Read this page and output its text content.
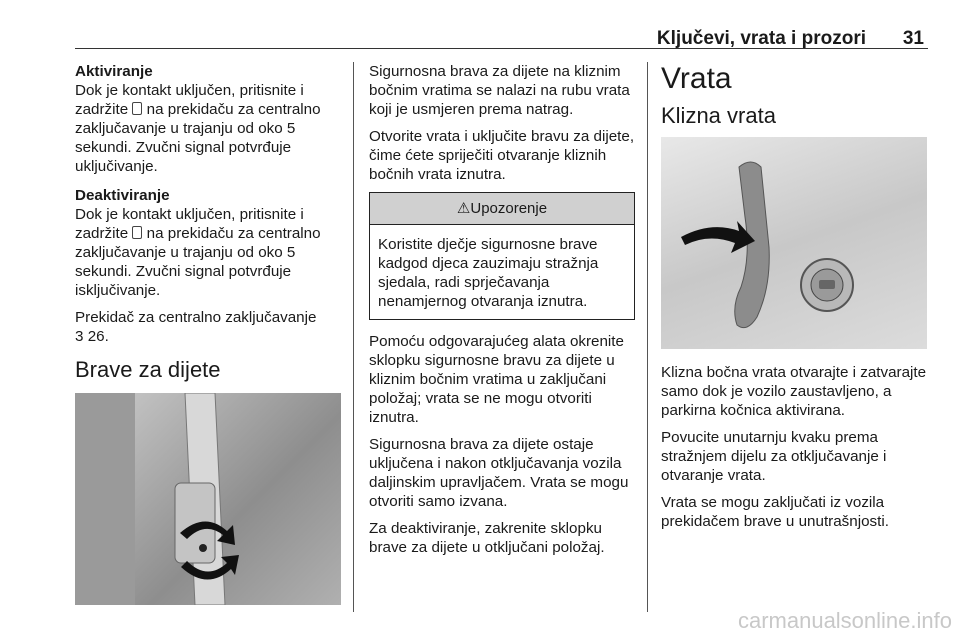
Ključevi, vrata i prozori 31

Aktiviranje

Dok je kontakt uključen, pritisnite i zadržite na prekidaču za centralno zaključavanje u trajanju od oko 5 sekundi. Zvučni signal potvrđuje uključivanje.

Deaktiviranje

Dok je kontakt uključen, pritisnite i zadržite na prekidaču za centralno zaključavanje u trajanju od oko 5 sekundi. Zvučni signal potvrđuje isključivanje.

Prekidač za centralno zaključavanje
3 26.

Brave za dijete

Sigurnosna brava za dijete na kliznim bočnim vratima se nalazi na rubu vrata koji je usmjeren prema natrag.

Otvorite vrata i uključite bravu za dijete, čime ćete spriječiti otvaranje kliznih bočnih vrata iznutra.

⚠Upozorenje
Koristite dječje sigurnosne brave kadgod djeca zauzimaju stražnja sjedala, radi sprječavanja nenamjernog otvaranja iznutra.

Pomoću odgovarajućeg alata okrenite sklopku sigurnosne bravu za dijete u kliznim bočnim vratima u zaključani položaj; vrata se ne mogu otvoriti iznutra.

Sigurnosna brava za dijete ostaje uključena i nakon otključavanja vozila daljinskim upravljačem. Vrata se mogu otvoriti samo izvana.

Za deaktiviranje, zakrenite sklopku brave za dijete u otključani položaj.

Vrata
Klizna vrata

Klizna bočna vrata otvarajte i zatvarajte samo dok je vozilo zaustavljeno, a parkirna kočnica aktivirana.

Povucite unutarnju kvaku prema stražnjem dijelu za otključavanje i otvaranje vrata.

Vrata se mogu zaključati iz vozila prekidačem brave u unutrašnjosti.

carmanualsonline.info
